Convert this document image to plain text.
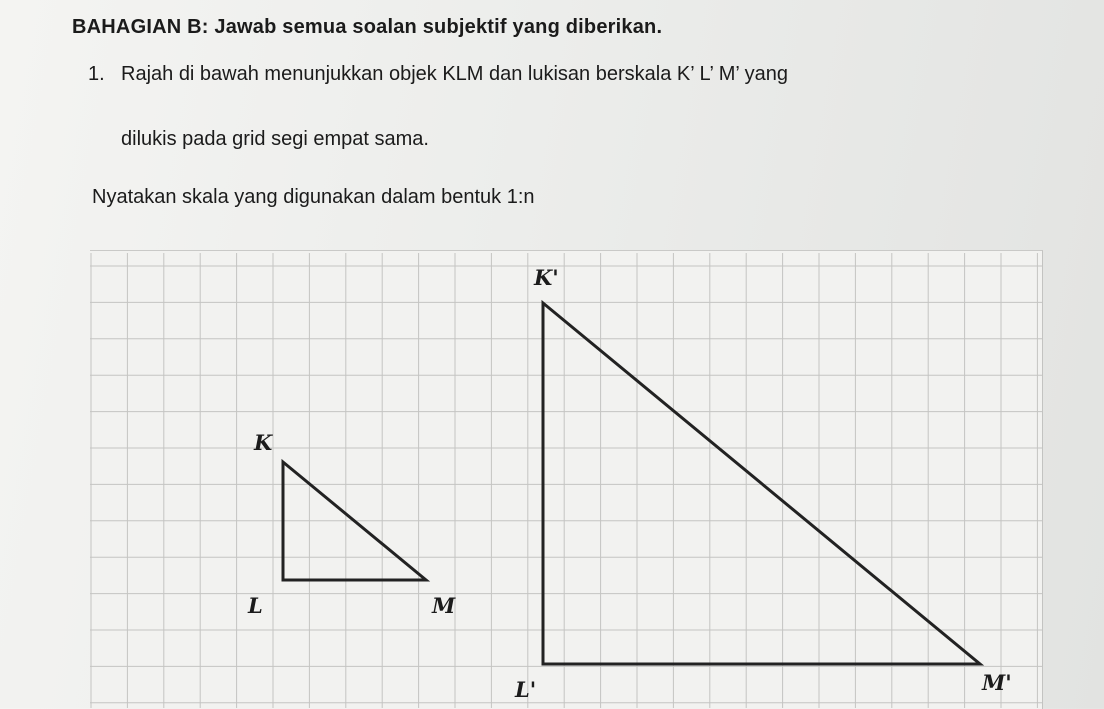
BAHAGIAN B: Jawab semua soalan subjektif yang diberikan.
1. Rajah di bawah menunjukkan objek KLM dan lukisan berskala K’ L’ M’ yang
dilukis pada grid segi empat sama.
Nyatakan skala yang digunakan dalam bentuk 1:n
K
L	M
K'
L'	M'
